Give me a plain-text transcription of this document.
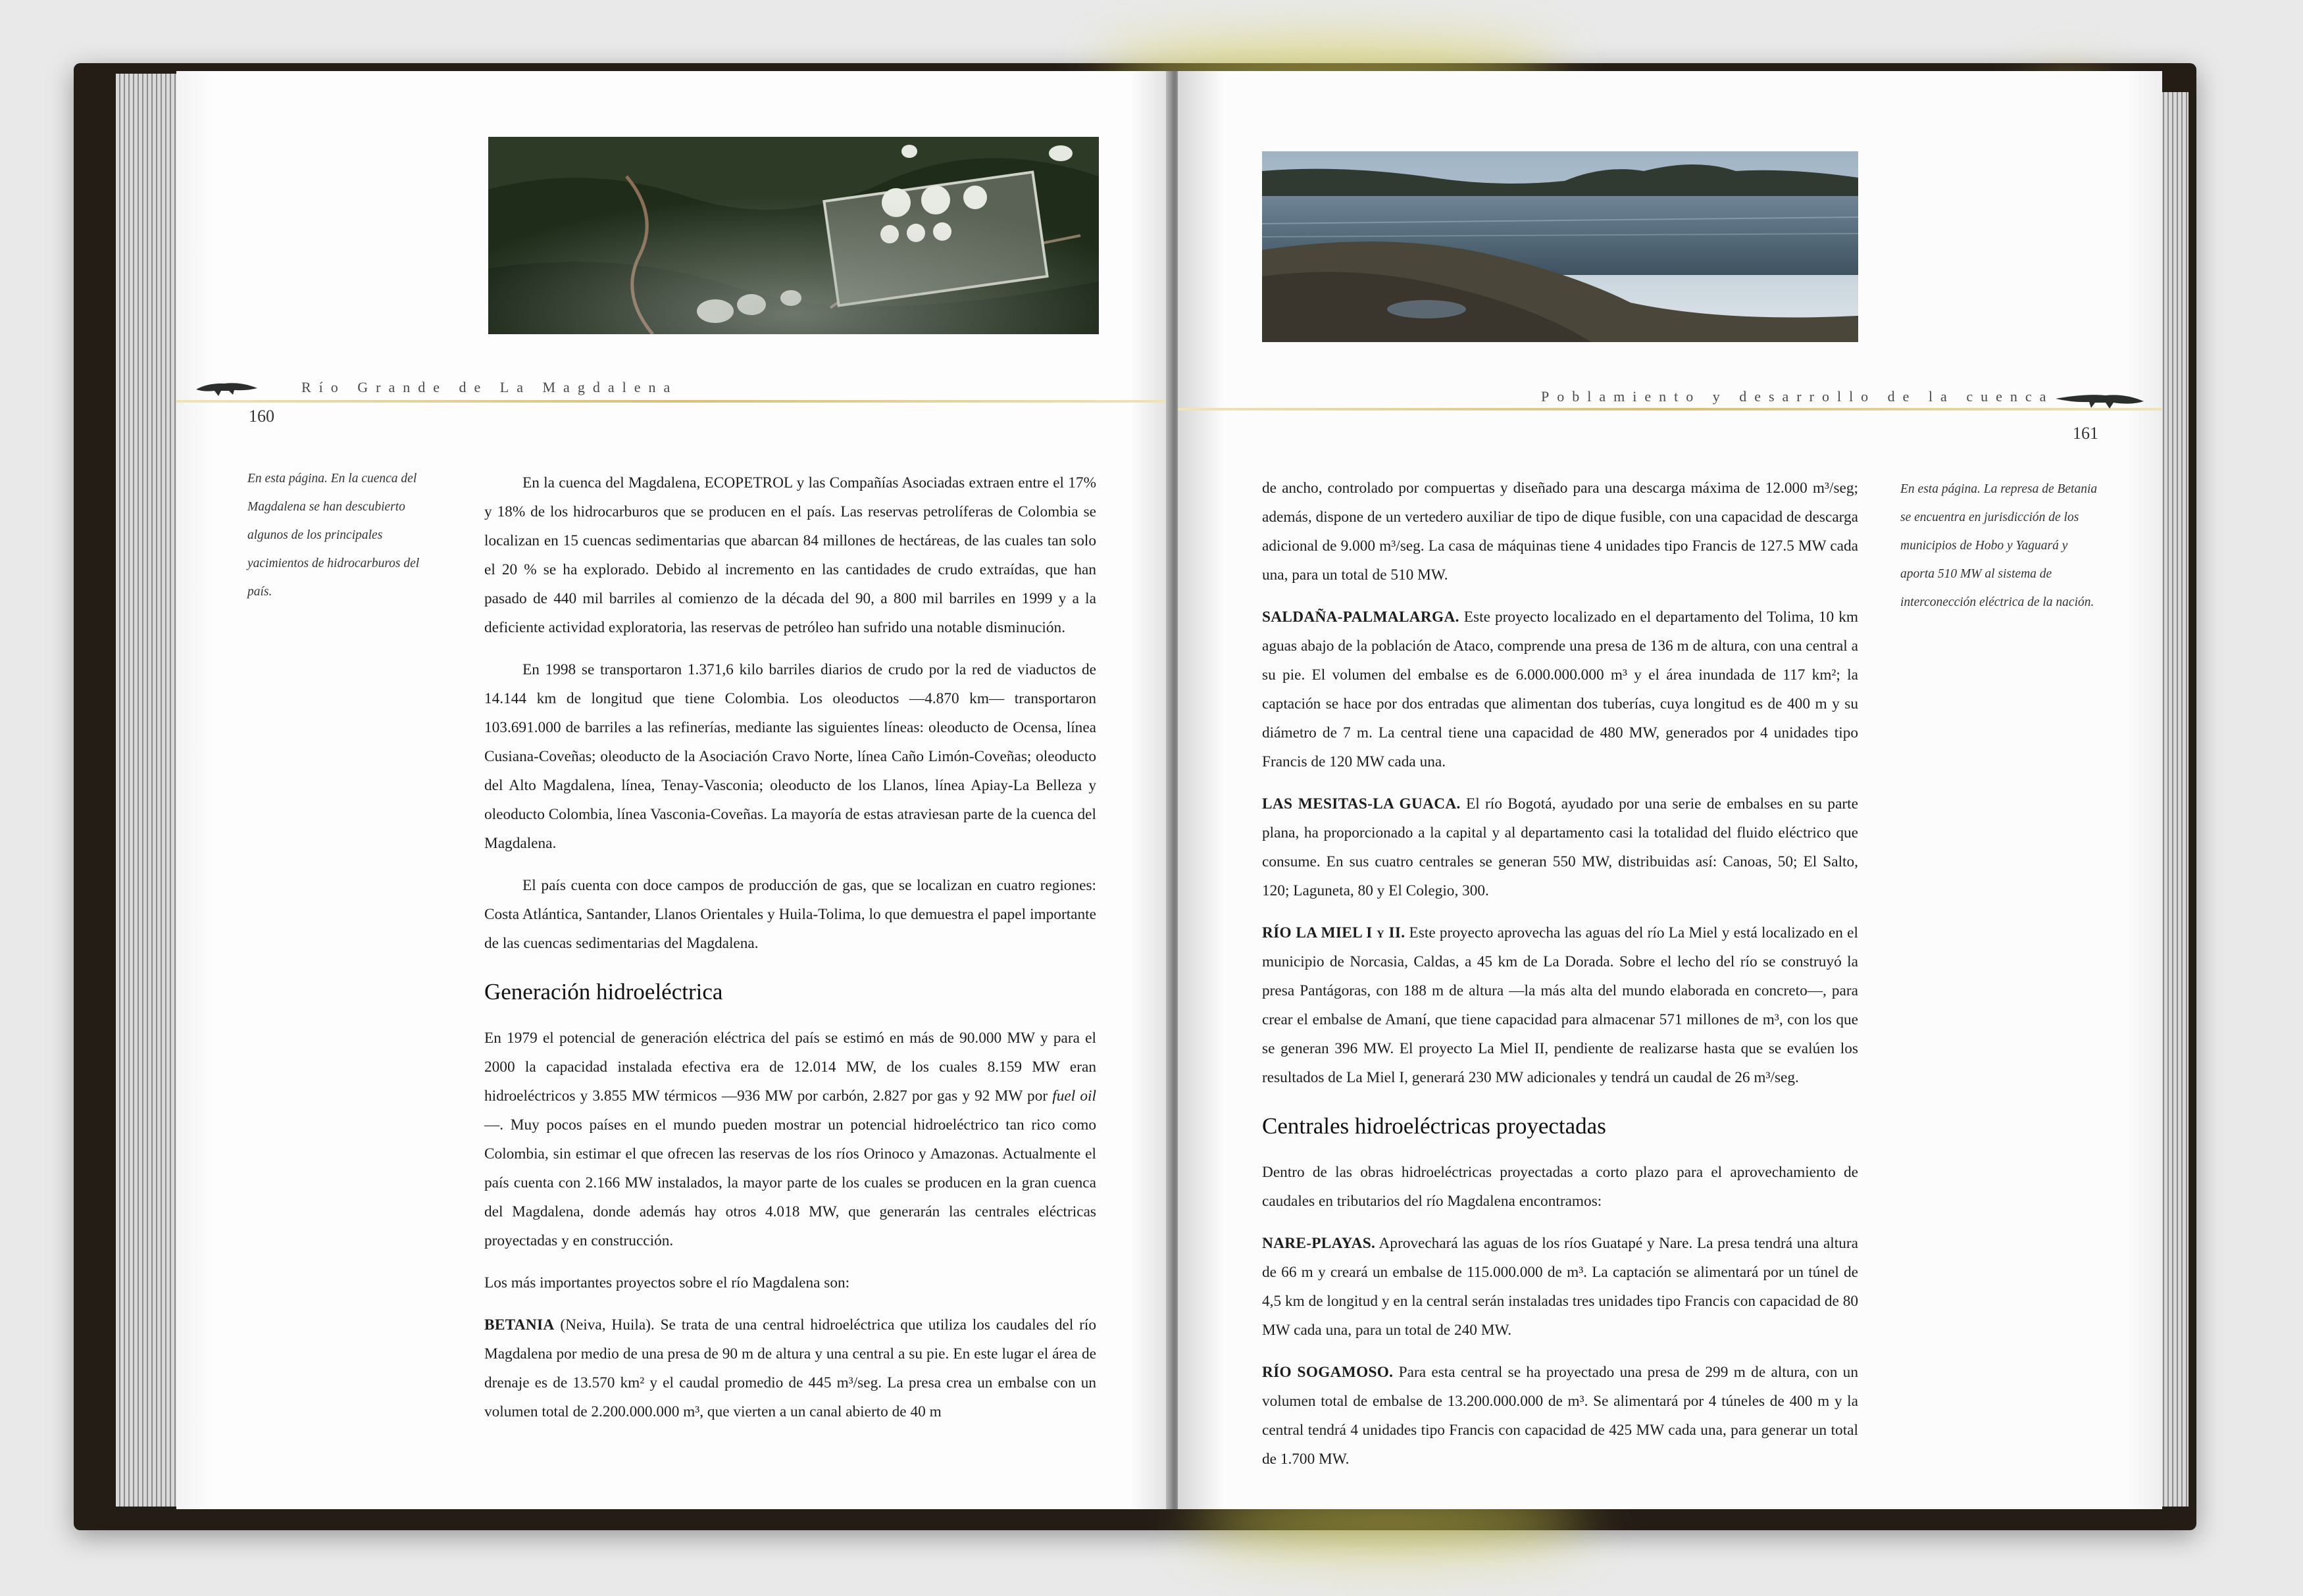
Río Grande de La Magdalena
160
En esta página. En la cuenca del Magdalena se han descubierto algunos de los principales yacimientos de hidrocarburos del país.

En la cuenca del Magdalena, ECOPETROL y las Compañías Asociadas extraen entre el 17% y 18% de los hidrocarburos que se producen en el país. Las reservas petrolíferas de Colombia se localizan en 15 cuencas sedimentarias que abarcan 84 millones de hectáreas, de las cuales tan solo el 20 % se ha explorado. Debido al incremento en las cantidades de crudo extraídas, que han pasado de 440 mil barriles al comienzo de la década del 90, a 800 mil barriles en 1999 y a la deficiente actividad exploratoria, las reservas de petróleo han sufrido una notable disminución.

En 1998 se transportaron 1.371,6 kilo barriles diarios de crudo por la red de viaductos de 14.144 km de longitud que tiene Colombia. Los oleoductos —4.870 km— transportaron 103.691.000 de barriles a las refinerías, mediante las siguientes líneas: oleoducto de Ocensa, línea Cusiana-Coveñas; oleoducto de la Asociación Cravo Norte, línea Caño Limón-Coveñas; oleoducto del Alto Magdalena, línea, Tenay-Vasconia; oleoducto de los Llanos, línea Apiay-La Belleza y oleoducto Colombia, línea Vasconia-Coveñas. La mayoría de estas atraviesan parte de la cuenca del Magdalena.

El país cuenta con doce campos de producción de gas, que se localizan en cuatro regiones: Costa Atlántica, Santander, Llanos Orientales y Huila-Tolima, lo que demuestra el papel importante de las cuencas sedimentarias del Magdalena.

Generación hidroeléctrica

En 1979 el potencial de generación eléctrica del país se estimó en más de 90.000 MW y para el 2000 la capacidad instalada efectiva era de 12.014 MW, de los cuales 8.159 MW eran hidroeléctricos y 3.855 MW térmicos —936 MW por carbón, 2.827 por gas y 92 MW por fuel oil—. Muy pocos países en el mundo pueden mostrar un potencial hidroeléctrico tan rico como Colombia, sin estimar el que ofrecen las reservas de los ríos Orinoco y Amazonas. Actualmente el país cuenta con 2.166 MW instalados, la mayor parte de los cuales se producen en la gran cuenca del Magdalena, donde además hay otros 4.018 MW, que generarán las centrales eléctricas proyectadas y en construcción.

Los más importantes proyectos sobre el río Magdalena son:

BETANIA (Neiva, Huila). Se trata de una central hidroeléctrica que utiliza los caudales del río Magdalena por medio de una presa de 90 m de altura y una central a su pie. En este lugar el área de drenaje es de 13.570 km² y el caudal promedio de 445 m³/seg. La presa crea un embalse con un volumen total de 2.200.000.000 m³, que vierten a un canal abierto de 40 m

Poblamiento y desarrollo de la cuenca
161
En esta página. La represa de Betania se encuentra en jurisdicción de los municipios de Hobo y Yaguará y aporta 510 MW al sistema de interconección eléctrica de la nación.

de ancho, controlado por compuertas y diseñado para una descarga máxima de 12.000 m³/seg; además, dispone de un vertedero auxiliar de tipo de dique fusible, con una capacidad de descarga adicional de 9.000 m³/seg. La casa de máquinas tiene 4 unidades tipo Francis de 127.5 MW cada una, para un total de 510 MW.

SALDAÑA-PALMALARGA. Este proyecto localizado en el departamento del Tolima, 10 km aguas abajo de la población de Ataco, comprende una presa de 136 m de altura, con una central a su pie. El volumen del embalse es de 6.000.000.000 m³ y el área inundada de 117 km²; la captación se hace por dos entradas que alimentan dos tuberías, cuya longitud es de 400 m y su diámetro de 7 m. La central tiene una capacidad de 480 MW, generados por 4 unidades tipo Francis de 120 MW cada una.

LAS MESITAS-LA GUACA. El río Bogotá, ayudado por una serie de embalses en su parte plana, ha proporcionado a la capital y al departamento casi la totalidad del fluido eléctrico que consume. En sus cuatro centrales se generan 550 MW, distribuidas así: Canoas, 50; El Salto, 120; Laguneta, 80 y El Colegio, 300.

RÍO LA MIEL I y II. Este proyecto aprovecha las aguas del río La Miel y está localizado en el municipio de Norcasia, Caldas, a 45 km de La Dorada. Sobre el lecho del río se construyó la presa Pantágoras, con 188 m de altura —la más alta del mundo elaborada en concreto—, para crear el embalse de Amaní, que tiene capacidad para almacenar 571 millones de m³, con los que se generan 396 MW. El proyecto La Miel II, pendiente de realizarse hasta que se evalúen los resultados de La Miel I, generará 230 MW adicionales y tendrá un caudal de 26 m³/seg.

Centrales hidroeléctricas proyectadas

Dentro de las obras hidroeléctricas proyectadas a corto plazo para el aprovechamiento de caudales en tributarios del río Magdalena encontramos:

NARE-PLAYAS. Aprovechará las aguas de los ríos Guatapé y Nare. La presa tendrá una altura de 66 m y creará un embalse de 115.000.000 de m³. La captación se alimentará por un túnel de 4,5 km de longitud y en la central serán instaladas tres unidades tipo Francis con capacidad de 80 MW cada una, para un total de 240 MW.

RÍO SOGAMOSO. Para esta central se ha proyectado una presa de 299 m de altura, con un volumen total de embalse de 13.200.000.000 de m³. Se alimentará por 4 túneles de 400 m y la central tendrá 4 unidades tipo Francis con capacidad de 425 MW cada una, para generar un total de 1.700 MW.
